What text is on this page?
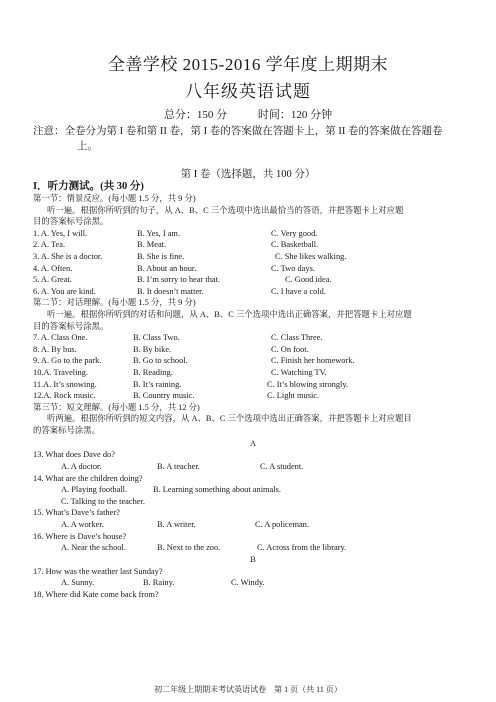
全善学校 2015-2016 学年度上期期末
八年级英语试题
总分：150 分	时间：120 分钟
注意：全卷分为第 I 卷和第 II 卷，第 I 卷的答案做在答题卡上，第 II 卷的答案做在答题卷
上。
第 I 卷（选择题，共 100 分）
I．听力测试。(共 30 分)
第一节：情景反应。(每小题 1.5 分，共 9 分)
听一遍。根据你所听到的句子，从 A、B、C 三个选项中选出最恰当的答语，并把答题卡上对应题
目的答案标号涂黑。
1. A. Yes, I will.	B. Yes, I am.	C. Very good.
2. A. Tea.	B. Meat.	C. Basketball.
3. A. She is a doctor.	B. She is fine.	C. She likes walking.
4. A. Often.	B. About an hour.	C. Two days.
5. A. Great.	B. I’m sorry to hear that.	C. Good idea.
6. A. You are kind.	B. It doesn’t matter.	C. I have a cold.
第二节：对话理解。(每小题 1.5 分，共 9 分)
听一遍。根据你所听到的对话和问题，从 A、B、C 三个选项中选出正确答案，并把答题卡上对应题
目的答案标号涂黑。
7. A. Class One.	B. Class Two.	C. Class Three.
8. A. By bus.	B. By bike.	C. On foot.
9. A. Go to the park.	B. Go to school.	C. Finish her homework.
10.A. Traveling.	B. Reading.	C. Watching TV.
11.A. It’s snowing.	B. It’s raining.	C. It’s blowing strongly.
12.A. Rock music.	B. Country music.	C. Light music.
第三节：短文理解。(每小题 1.5 分，共 12 分)
听两遍。根据你所听到的短文内容，从 A、B、C 三个选项中选出正确答案，并把答题卡上对应题目
的答案标号涂黑。
A
13. What does Dave do?
A. A doctor.	B. A teacher.	C. A student.
14. What are the children doing?
A. Playing football.	B. Learning something about animals.
C. Talking to the teacher.
15. What’s Dave’s father?
A. A worker.	B. A writer.	C. A policeman.
16. Where is Dave’s house?
A. Near the school.	B. Next to the zoo.	C. Across from the library.
B
17. How was the weather last Sunday?
A. Sunny.	B. Rainy.	C. Windy.
18. Where did Kate come back from?
初二年级上期期末考试英语试卷　第 1 页（共 11 页）
